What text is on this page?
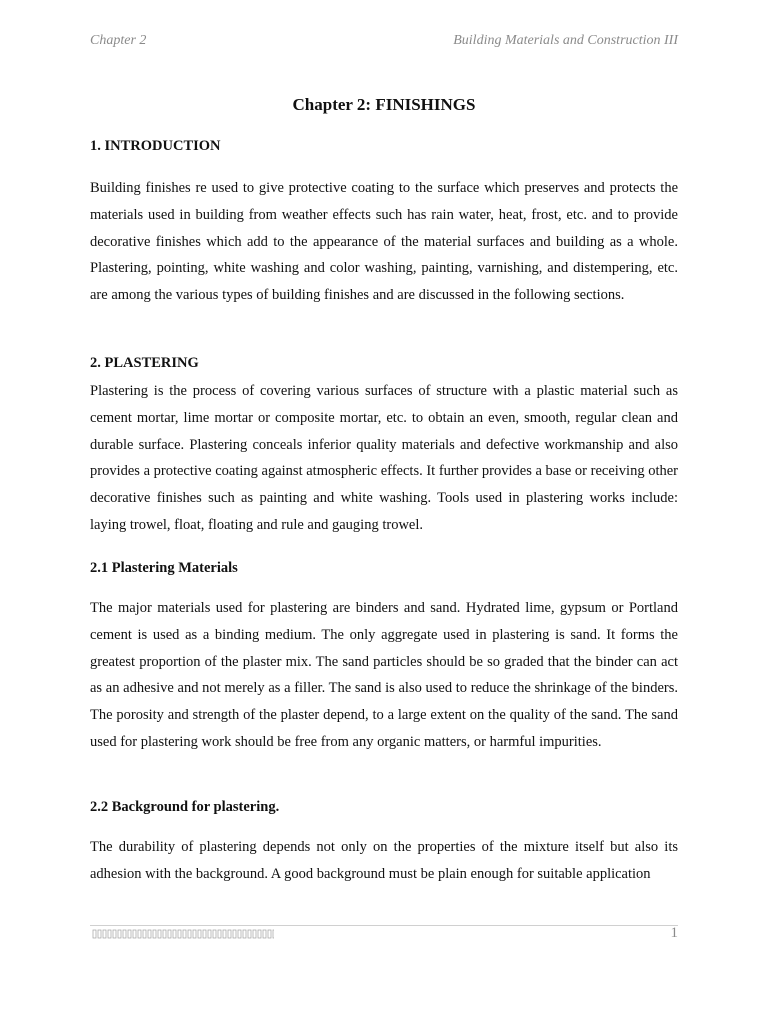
Chapter 2	Building Materials and Construction III
Chapter 2: FINISHINGS
1. INTRODUCTION
Building finishes re used to give protective coating to the surface which preserves and protects the materials used in building from weather effects such has rain water, heat, frost, etc. and to provide decorative finishes which add to the appearance of the material surfaces and building as a whole. Plastering, pointing, white washing and color washing, painting, varnishing, and distempering, etc. are among the various types of building finishes and are discussed in the following sections.
2. PLASTERING
Plastering is the process of covering various surfaces of structure with a plastic material such as cement mortar, lime mortar or composite mortar, etc. to obtain an even, smooth, regular clean and durable surface. Plastering conceals inferior quality materials and defective workmanship and also provides a protective coating against atmospheric effects. It further provides a base or receiving other decorative finishes such as painting and white washing. Tools used in plastering works include: laying trowel, float, floating and rule and gauging trowel.
2.1 Plastering Materials
The major materials used for plastering are binders and sand. Hydrated lime, gypsum or Portland cement is used as a binding medium. The only aggregate used in plastering is sand. It forms the greatest proportion of the plaster mix. The sand particles should be so graded that the binder can act as an adhesive and not merely as a filler. The sand is also used to reduce the shrinkage of the binders. The porosity and strength of the plaster depend, to a large extent on the quality of the sand. The sand used for plastering work should be free from any organic matters, or harmful impurities.
2.2 Background for plastering.
The durability of plastering depends not only on the properties of the mixture itself but also its adhesion with the background. A good background must be plain enough for suitable application
1
